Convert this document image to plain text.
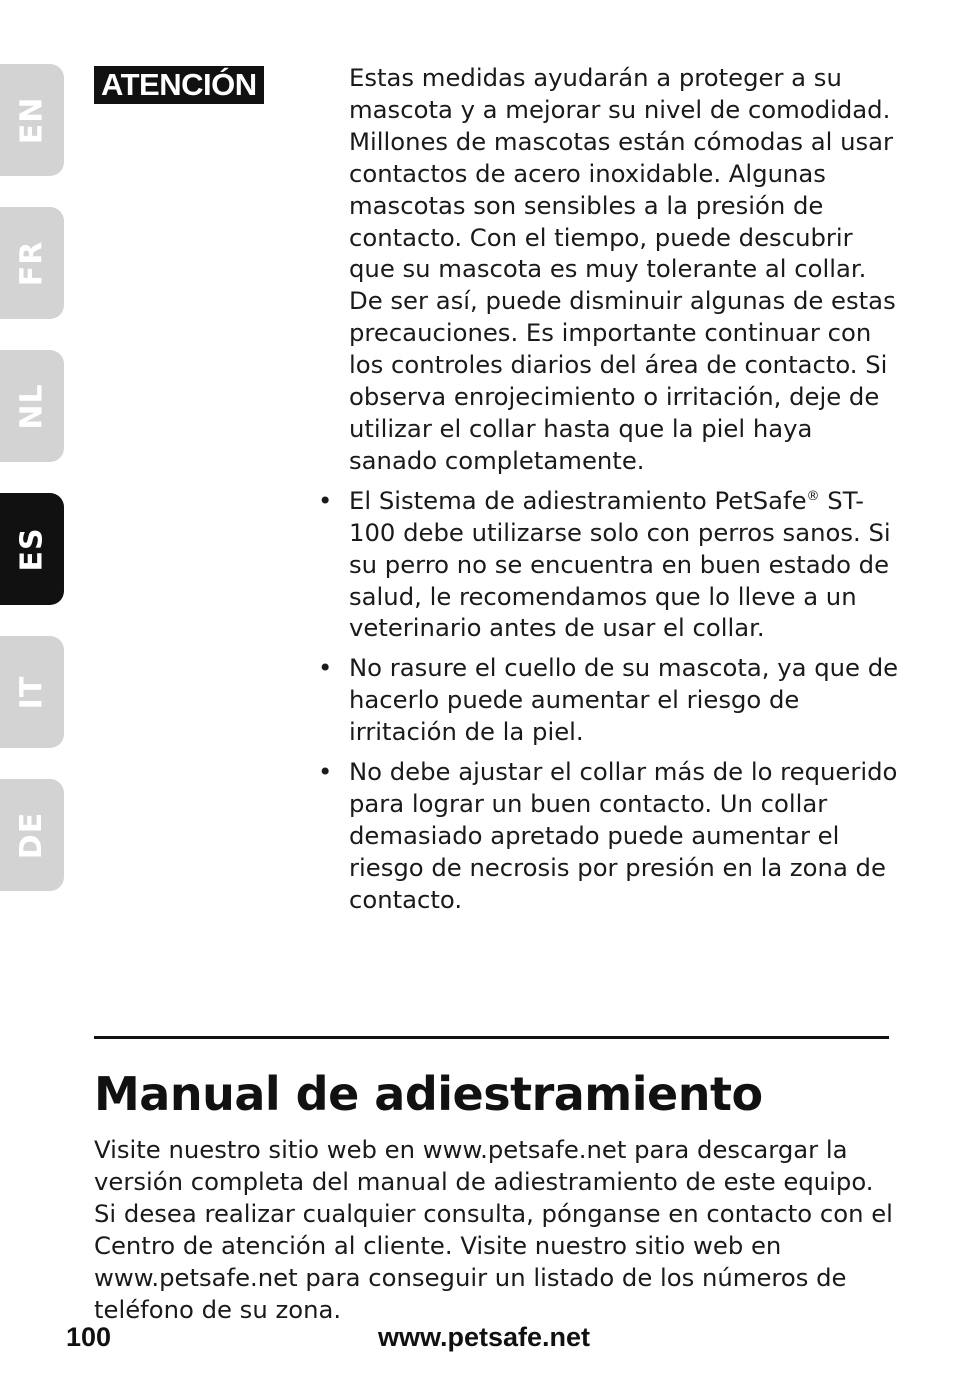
EN
FR
NL
ES
IT
DE
ATENCIÓN	Estas medidas ayudarán a proteger a su mascota y a mejorar su nivel de comodidad. Millones de mascotas están cómodas al usar contactos de acero inoxidable. Algunas mascotas son sensibles a la presión de contacto. Con el tiempo, puede descubrir que su mascota es muy tolerante al collar. De ser así, puede disminuir algunas de estas precauciones. Es importante continuar con los controles diarios del área de contacto. Si observa enrojecimiento o irritación, deje de utilizar el collar hasta que la piel haya sanado completamente.

• El Sistema de adiestramiento PetSafe® ST-100 debe utilizarse solo con perros sanos. Si su perro no se encuentra en buen estado de salud, le recomendamos que lo lleve a un veterinario antes de usar el collar.
• No rasure el cuello de su mascota, ya que de hacerlo puede aumentar el riesgo de irritación de la piel.
• No debe ajustar el collar más de lo requerido para lograr un buen contacto. Un collar demasiado apretado puede aumentar el riesgo de necrosis por presión en la zona de contacto.
Manual de adiestramiento

Visite nuestro sitio web en www.petsafe.net para descargar la versión completa del manual de adiestramiento de este equipo. Si desea realizar cualquier consulta, pónganse en contacto con el Centro de atención al cliente. Visite nuestro sitio web en www.petsafe.net para conseguir un listado de los números de teléfono de su zona.

100	www.petsafe.net
